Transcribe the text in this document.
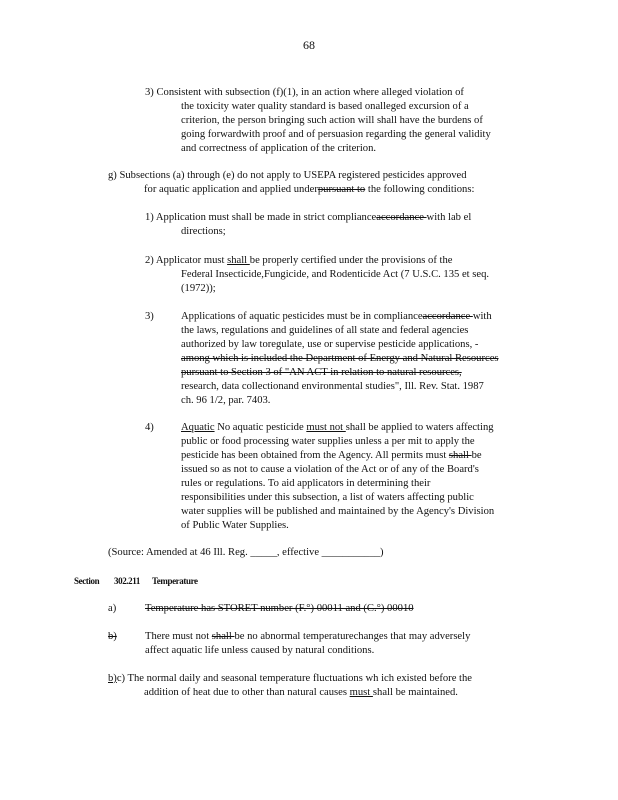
68
3) Consistent with subsection (f)(1), in an action where alleged violation of
the toxicity water quality standard is based onalleged excursion of a
criterion, the person bringing such action will shall have the burdens of
going forwardwith proof and of persuasion regarding the general validity
and correctness of application of the criterion.
g) Subsections (a) through (e) do not apply to USEPA registered pesticides approved
for aquatic application and applied underpursuant to the following conditions:
1) Application must shall be made in strict complianceaccordance with lab el
directions;
2) Applicator must shall be properly certified under the provisions of the
Federal Insecticide,Fungicide, and Rodenticide Act (7 U.S.C. 135 et seq.
(1972));
3)	Applications of aquatic pesticides must be in complianceaccordance with
the laws, regulations and guidelines of all state and federal agencies
authorized by law toregulate, use or supervise pesticide applications, -
among which is included the Department of Energy and Natural Resources
pursuant to Section 3 of "AN ACT in relation to natural resources,
research, data collectionand environmental studies", Ill. Rev. Stat. 1987
ch. 96 1/2, par. 7403.
4)	Aquatic No aquatic pesticide must not shall be applied to waters affecting
public or food processing water supplies unless a per mit to apply the
pesticide has been obtained from the Agency. All permits must shall be
issued so as not to cause a violation of the Act or of any of the Board's
rules or regulations. To aid applicators in determining their
responsibilities under this subsection, a list of waters affecting public
water supplies will be published and maintained by the Agency's Division
of Public Water Supplies.
(Source: Amended at 46 Ill. Reg. _____, effective ___________)
Section 302.211 Temperature
a)	Temperature has STORET number (F.°) 00011 and (C.°) 00010
b)	There must not shall be no abnormal temperaturechanges that may adversely
affect aquatic life unless caused by natural conditions.
b)c) The normal daily and seasonal temperature fluctuations wh ich existed before the
addition of heat due to other than natural causes must shall be maintained.
